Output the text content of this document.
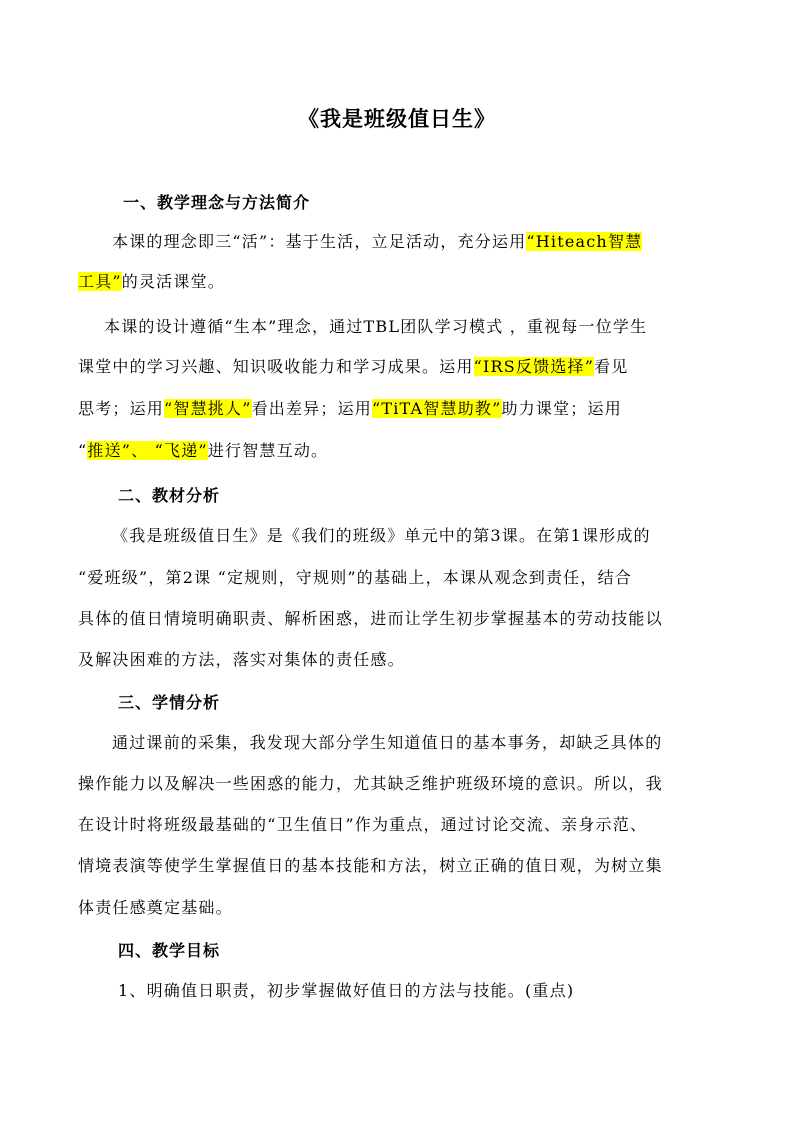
《我是班级值日生》
一、教学理念与方法简介
本课的理念即三“活”：基于生活，立足活动，充分运用“Hiteach智慧
工具”的灵活课堂。
本课的设计遵循“生本”理念，通过TBL团队学习模式 ，重视每一位学生
课堂中的学习兴趣、知识吸收能力和学习成果。运用“IRS反馈选择”看见
思考；运用“智慧挑人”看出差异；运用“TiTA智慧助教”助力课堂；运用
“推送”、 “飞递”进行智慧互动。
二、教材分析
《我是班级值日生》是《我们的班级》单元中的第3课。在第1课形成的
“爱班级”，第2课 “定规则，守规则”的基础上，本课从观念到责任，结合
具体的值日情境明确职责、解析困惑，进而让学生初步掌握基本的劳动技能以
及解决困难的方法，落实对集体的责任感。
三、学情分析
通过课前的采集，我发现大部分学生知道值日的基本事务，却缺乏具体的
操作能力以及解决一些困惑的能力，尤其缺乏维护班级环境的意识。所以，我
在设计时将班级最基础的“卫生值日”作为重点，通过讨论交流、亲身示范、
情境表演等使学生掌握值日的基本技能和方法，树立正确的值日观，为树立集
体责任感奠定基础。
四、教学目标
1、明确值日职责，初步掌握做好值日的方法与技能。(重点)
